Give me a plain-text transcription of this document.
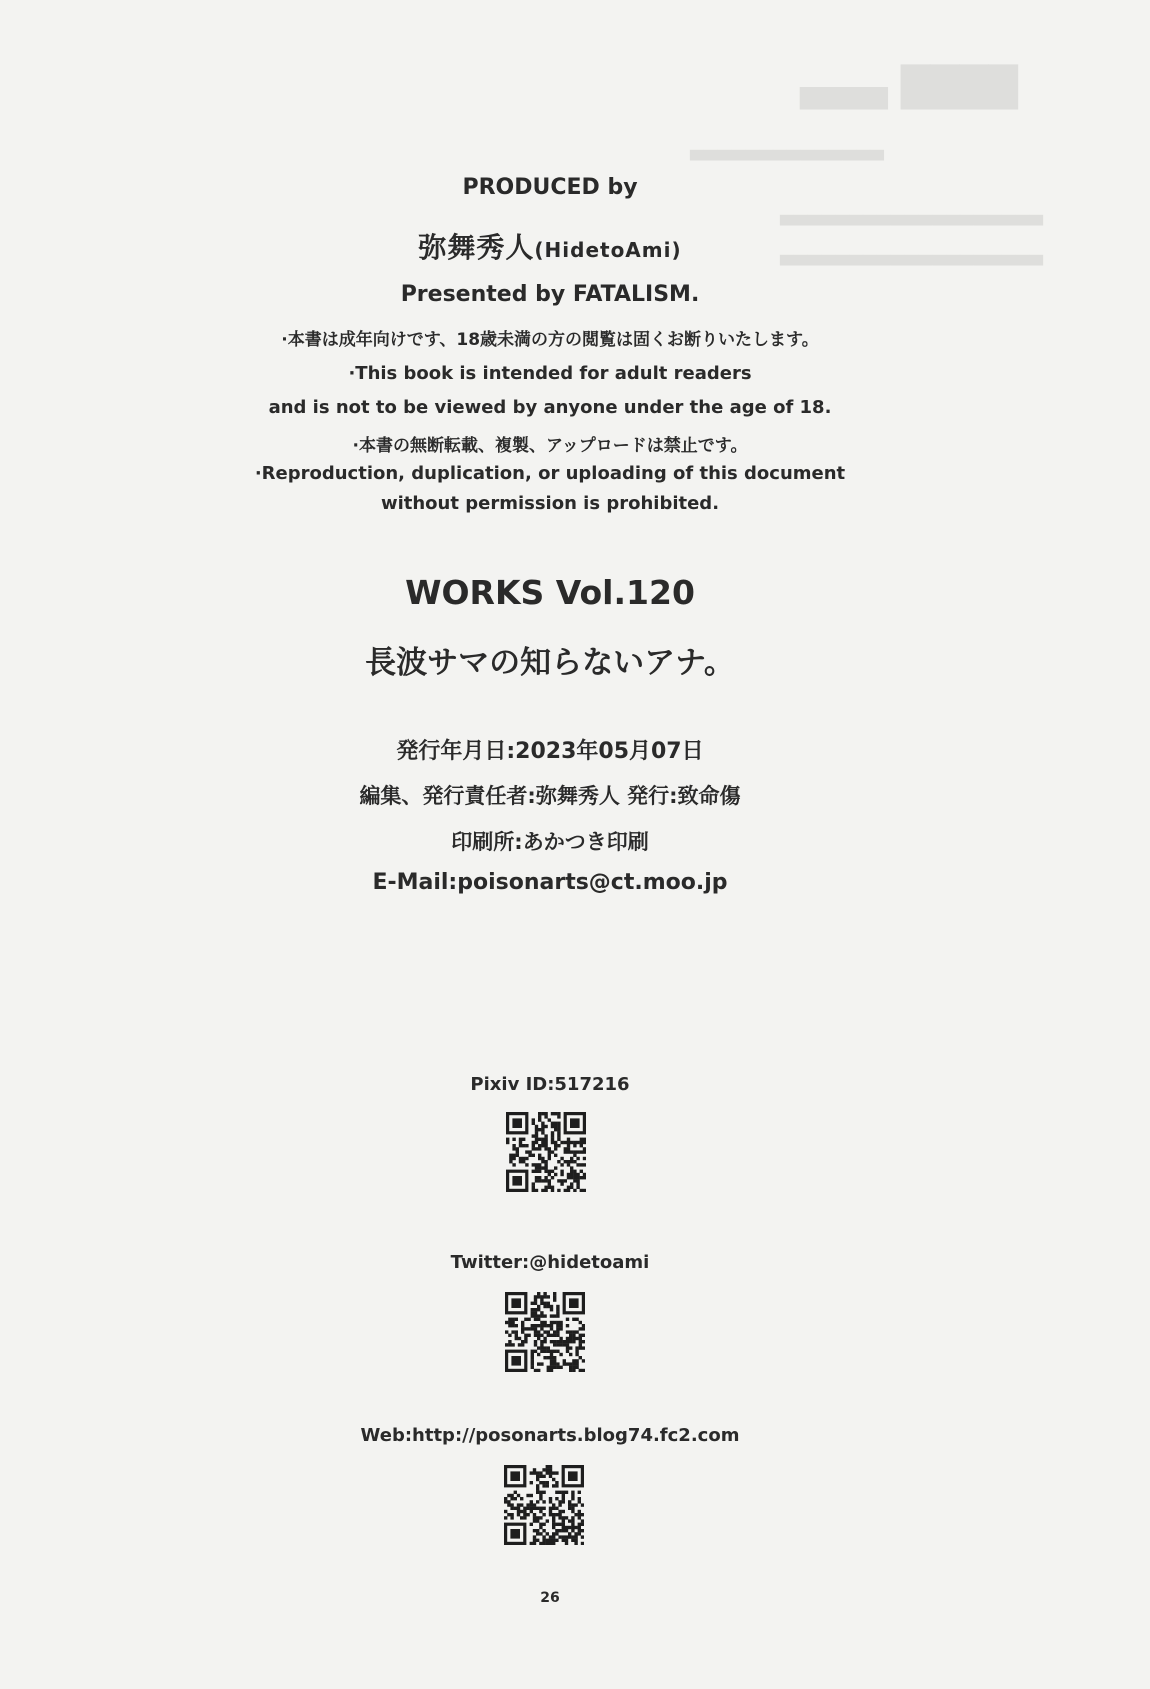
████ ▄▄▄
▄▄▄▄▄▄▄▄▄▄▄▄▄▄
▄▄▄▄▄▄▄▄▄▄▄▄▄▄▄▄▄▄▄
▄▄▄▄▄▄▄▄▄▄▄▄▄▄▄▄▄▄▄
PRODUCED by
弥舞秀人(HidetoAmi)
Presented by FATALISM.
·本書は成年向けです、18歳未満の方の閲覧は固くお断りいたします。
·This book is intended for adult readers
and is not to be viewed by anyone under the age of 18.
·本書の無断転載、複製、アップロードは禁止です。
·Reproduction, duplication, or uploading of this document
without permission is prohibited.
WORKS Vol.120
長波サマの知らないアナ。
発行年月日:2023年05月07日
編集、発行責任者:弥舞秀人 発行:致命傷
印刷所:あかつき印刷
E-Mail:poisonarts@ct.moo.jp
Pixiv ID:517216
Twitter:@hidetoami
Web:http://posonarts.blog74.fc2.com
26
